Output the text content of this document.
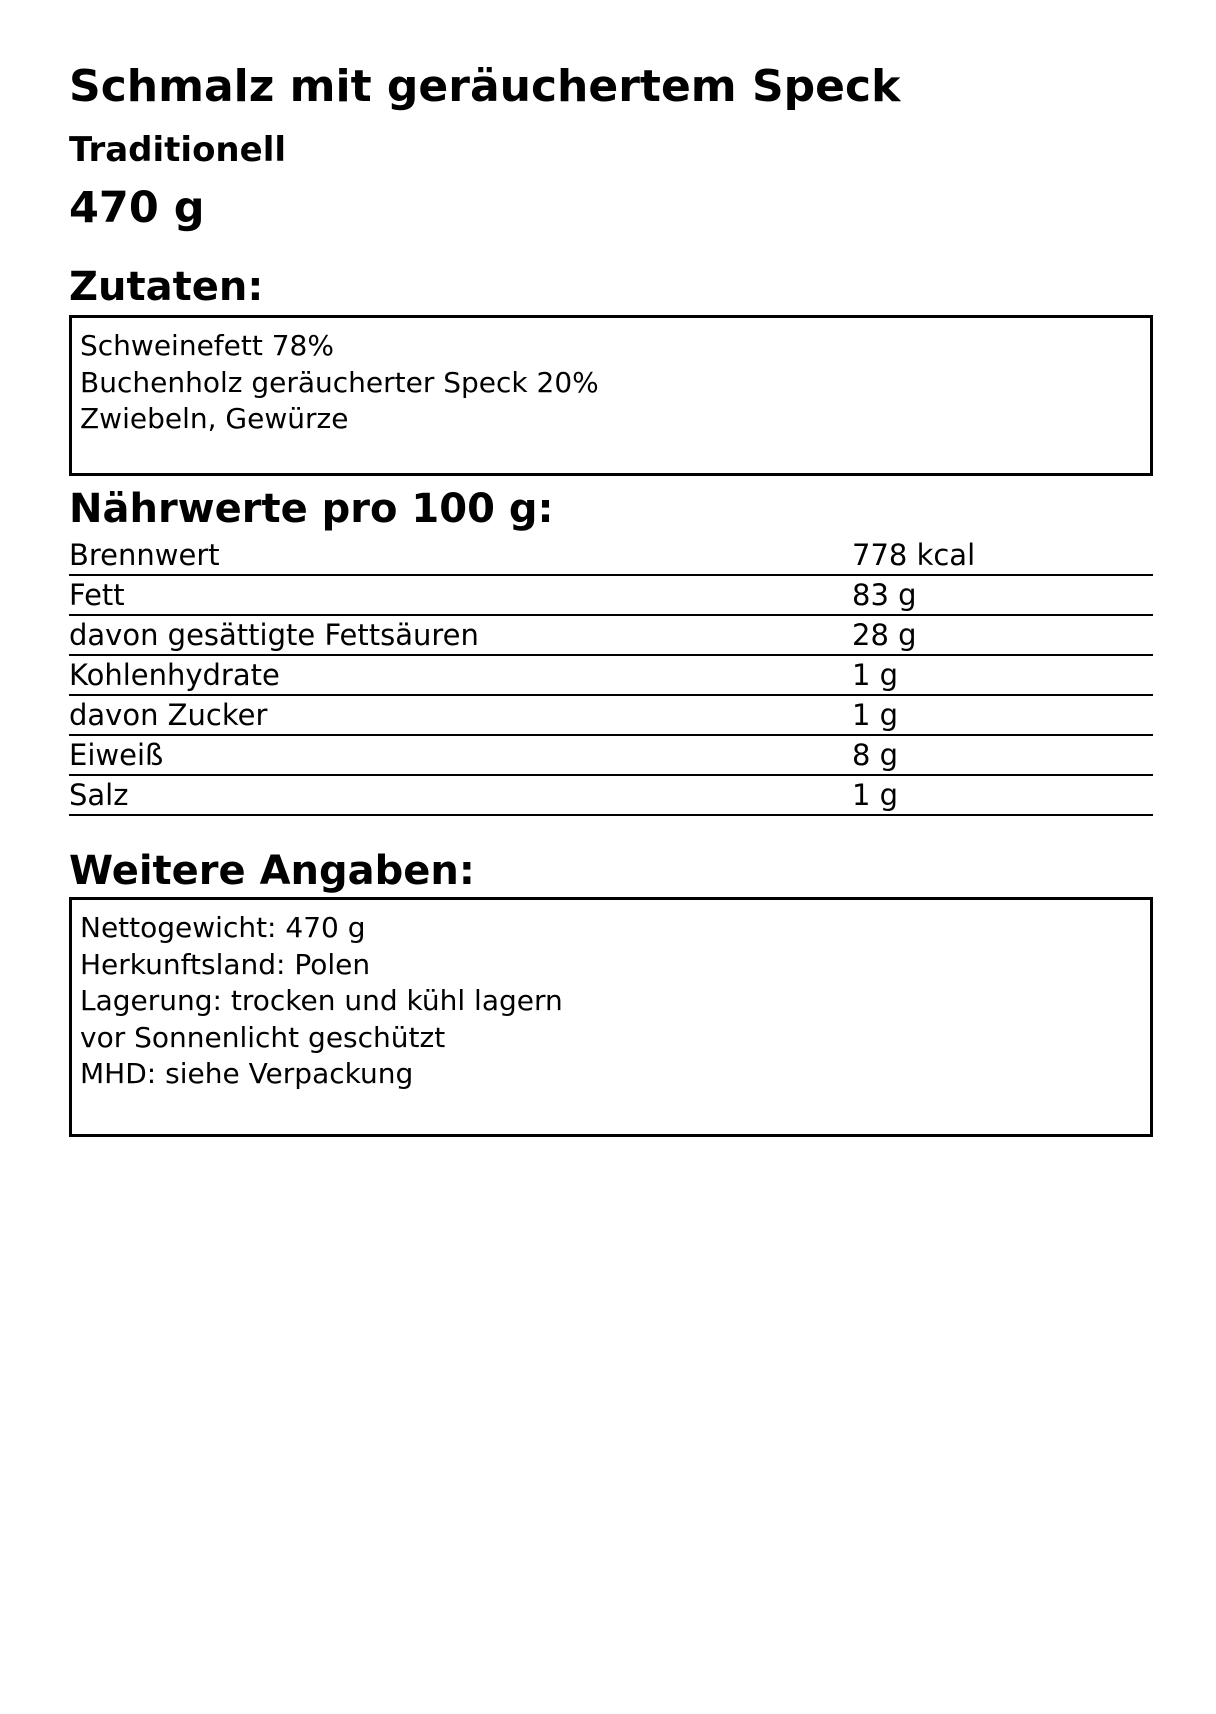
Schmalz mit geräuchertem Speck
Traditionell
470 g
Zutaten:
Schweinefett 78%
Buchenholz geräucherter Speck 20%
Zwiebeln, Gewürze
Nährwerte pro 100 g:
Brennwert	778 kcal
Fett	83 g
davon gesättigte Fettsäuren	28 g
Kohlenhydrate	1 g
davon Zucker	1 g
Eiweiß	8 g
Salz	1 g
Weitere Angaben:
Nettogewicht: 470 g
Herkunftsland: Polen
Lagerung: trocken und kühl lagern
vor Sonnenlicht geschützt
MHD: siehe Verpackung
